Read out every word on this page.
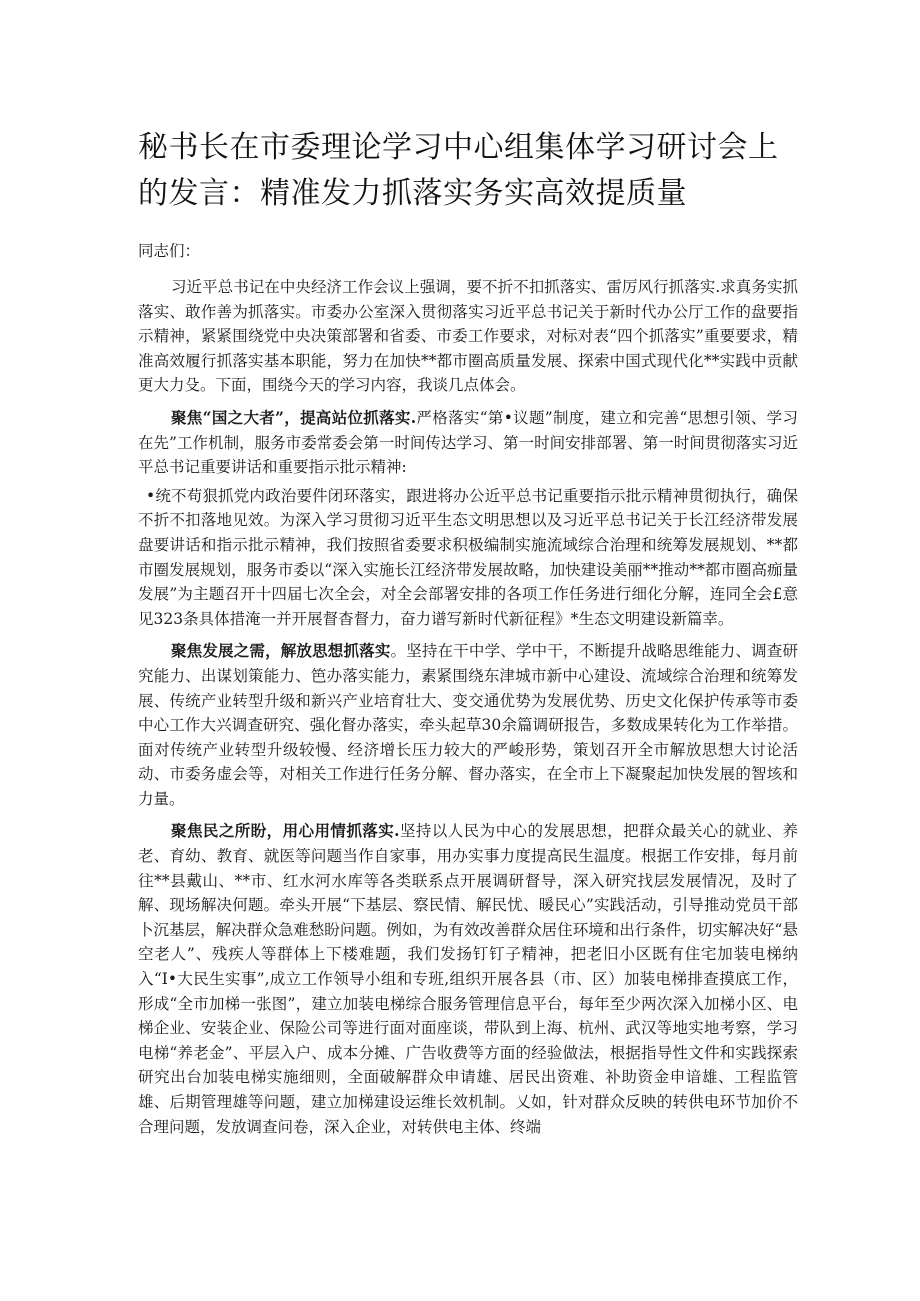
秘书长在市委理论学习中心组集体学习研讨会上的发言：精准发力抓落实务实高效提质量

同志们：

习近平总书记在中央经济工作会议上强调，要不折不扣抓落实、雷厉风行抓落实.求真务实抓落实、敢作善为抓落实。市委办公室深入贯彻落实习近平总书记关于新时代办公厅工作的盘要指示精神，紧紧围绕党中央决策部署和省委、市委工作要求，对标对表“四个抓落实”重要要求，精准高效履行抓落实基本职能，努力在加快**都市圈高质量发展、探索中国式现代化**实践中贡献更大力殳。下面，围绕今天的学习内容，我谈几点体会。

聚焦“国之大者”，提高站位抓落实.严格落实“第•议题”制度，建立和完善“思想引领、学习在先”工作机制，服务市委常委会第一时间传达学习、第一时间安排部署、第一时间贯彻落实习近平总书记重要讲话和重要指示批示精神:

•统不苟狠抓党内政治要件闭环落实，跟进将办公近平总书记重要指示批示精神贯彻执行，确保不折不扣落地见效。为深入学习贯彻习近平生态文明思想以及习近平总书记关于长江经济带发展盘要讲话和指示批示精神，我们按照省委要求积极编制实施流域综合治理和统筹发展规划、**都市圈发展规划，服务市委以“深入实施长江经济带发展故略，加快建设美丽**推动**都市圈高痂量发展”为主题召开十四届七次全会，对全会部署安排的各项工作任务进行细化分解，连同全会£意见323条具体措淹一并开展督杳督力，奋力谱写新时代新征程》*生态文明建设新篇幸。

聚焦发展之需，解放思想抓落实。坚持在干中学、学中干，不断提升战略思维能力、调查研究能力、出谋划策能力、笆办落实能力，素紧围绕东津城市新中心建设、流域综合治理和统筹发展、传统产业转型升级和新兴产业培育壮大、变交通优势为发展优势、历史文化保护传承等市委中心工作大兴调查研究、强化督办落实，牵头起草30余篇调研报告，多数成果转化为工作举措。面对传统产业转型升级较慢、经济增长压力较大的严峻形势，策划召开全市解放思想大讨论活动、市委务虚会等，对相关工作进行任务分解、督办落实，在全市上下凝聚起加快发展的智垓和力量。

聚焦民之所盼，用心用情抓落实.坚持以人民为中心的发展思想，把群众最关心的就业、养老、育幼、教育、就医等问题当作自家事，用办实事力度提高民生温度。根据工作安排，每月前往**县戴山、**市、红水河水库等各类联系点开展调研督导，深入研究找层发展情况，及时了解、现场解决何题。牵头开展“下基层、察民情、解民忧、暖民心”实践活动，引导推动党员干部卜沉基层，解决群众急难愁盼问题。例如，为有效改善群众居住环境和出行条件，切实解决好“悬空老人”、残疾人等群体上下楼难题，我们发扬钉钉子精神，把老旧小区既有住宅加装电梯纳入“I•大民生实事”,成立工作领导小组和专班,组织开展各县（市、区）加装电梯排查摸底工作，形成“全市加梯一张图”，建立加装电梯综合服务管理信息平台，每年至少两次深入加梯小区、电梯企业、安装企业、保险公司等进行面对面座谈，带队到上海、杭州、武汉等地实地考察，学习电梯“养老金”、平层入户、成本分摊、广告收费等方面的经验做法，根据指导性文件和实践探索研究出台加装电梯实施细则，全面破解群众申请雄、居民出资难、补助资金申谙雄、工程监管雄、后期管理雄等问题，建立加梯建设运维长效机制。乂如，针对群众反映的转供电环节加价不合理问题，发放调查问卷，深入企业，对转供电主体、终端
